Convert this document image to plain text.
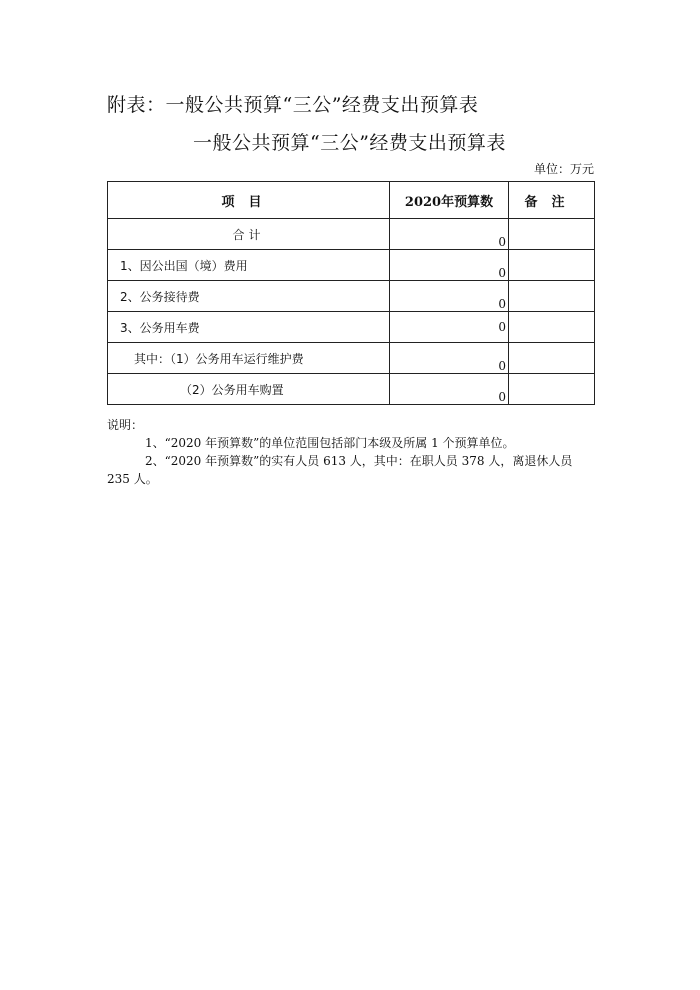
附表：一般公共预算“三公”经费支出预算表
一般公共预算“三公”经费支出预算表
单位：万元
项目	2020年预算数	备注
合计	0	
1、因公出国（境）费用	0	
2、公务接待费	0	
3、公务用车费	0	
其中：（1）公务用车运行维护费	0	
（2）公务用车购置	0	

说明：

1、“2020 年预算数”的单位范围包括部门本级及所属 1 个预算单位。

2、“2020 年预算数”的实有人员 613 人，其中：在职人员 378 人，离退休人员 235 人。
